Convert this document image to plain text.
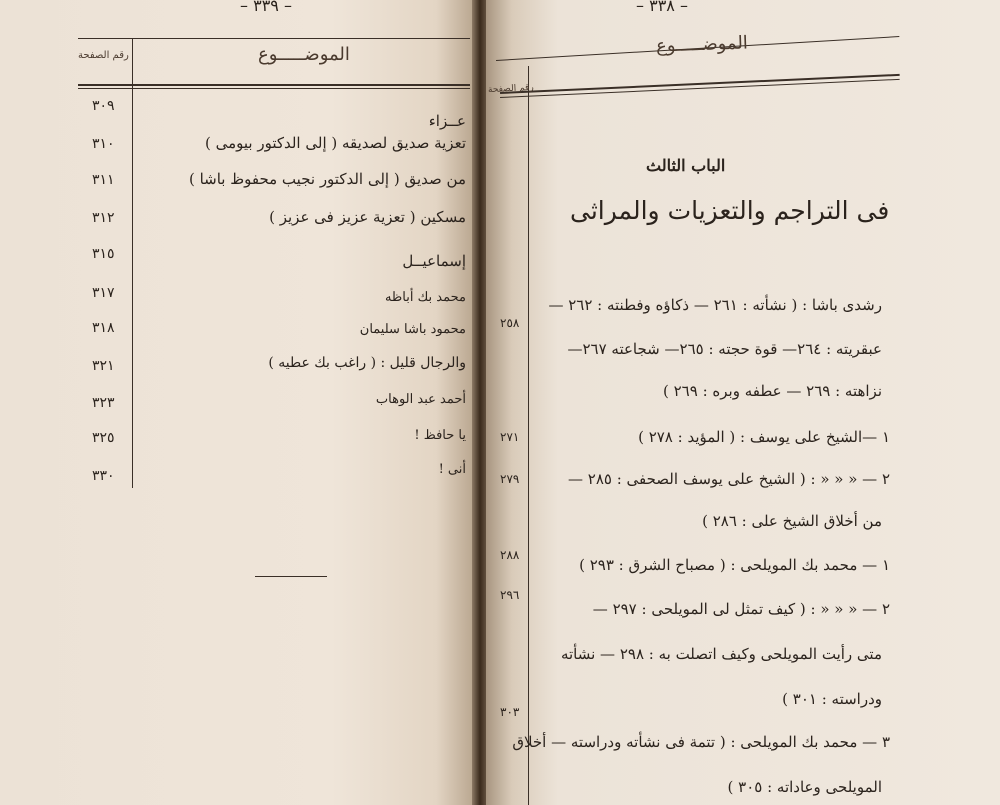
– ٣٣٩ –
الموضـــــوع
رقم الصفحة
عــزاء
٣٠٩
تعزية صديق لصديقه ( إلى الدكتور بيومى )
٣١٠
من صديق ( إلى الدكتور نجيب محفوظ باشا )
٣١١
مسكين ( تعزية عزيز فى عزيز )
٣١٢
إسماعيــل
٣١٥
محمد بك أباظه
٣١٧
محمود باشا سليمان
٣١٨
والرجال قليل : ( راغب بك عطيه )
٣٢١
أحمد عبد الوهاب
٣٢٣
يا حافظ !
٣٢٥
أنى !
٣٣٠
– ٣٣٨ –
الموضـــــوع
رقم الصفحة
الباب الثالث
فى التراجم والتعزيات والمراثى
رشدى باشا : ( نشأته : ٢٦١ — ذكاؤه وفطنته : ٢٦٢ —
٢٥٨
عبقريته : ٢٦٤— قوة حجته : ٢٦٥— شجاعته ٢٦٧—
نزاهته : ٢٦٩ — عطفه وبره : ٢٦٩ )
١ —الشيخ على يوسف : ( المؤيد : ٢٧٨ )
٢٧١
٢ — « « « : ( الشيخ على يوسف الصحفى : ٢٨٥ —
٢٧٩
من أخلاق الشيخ على : ٢٨٦ )
١ — محمد بك المويلحى : ( مصباح الشرق : ٢٩٣ )
٢٨٨
٢ — « « « : ( كيف تمثل لى المويلحى : ٢٩٧ —
٢٩٦
متى رأيت المويلحى وكيف اتصلت به : ٢٩٨ — نشأته
ودراسته : ٣٠١ )
٣ — محمد بك المويلحى : ( تتمة فى نشأته ودراسته — أخلاق
٣٠٣
المويلحى وعاداته : ٣٠٥ )
